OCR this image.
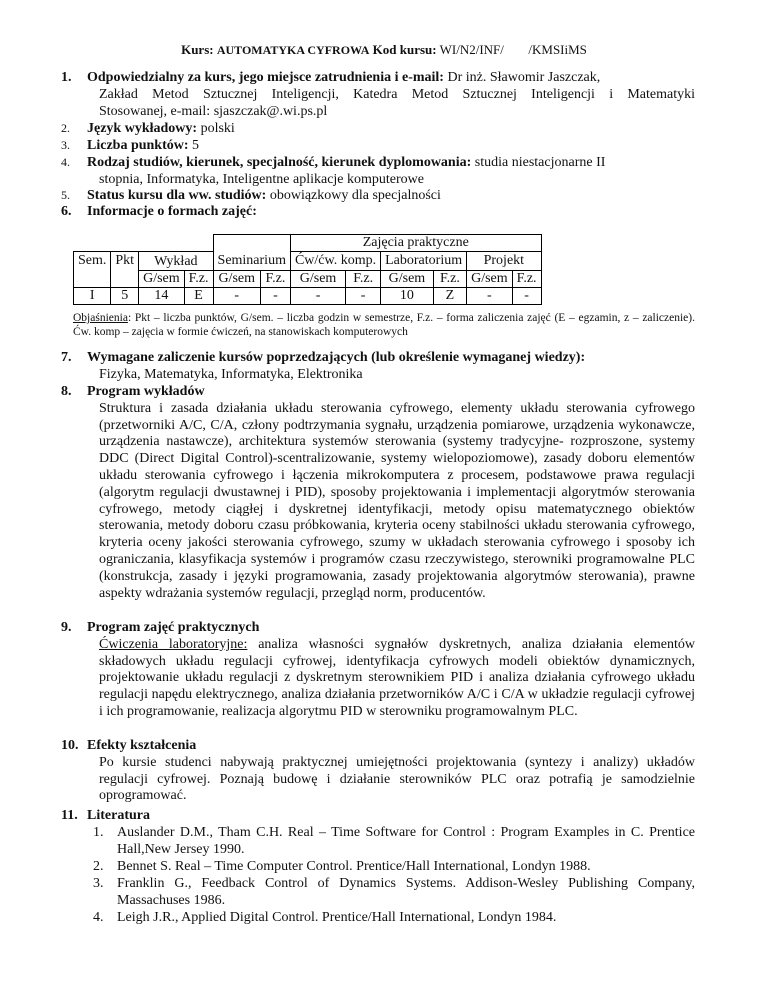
Kurs: AUTOMATYKA CYFROWA Kod kursu: WI/N2/INF/ /KMSIiMS
1. Odpowiedzialny za kurs, jego miejsce zatrudnienia i e-mail: Dr inż. Sławomir Jaszczak,
Zakład Metod Sztucznej Inteligencji, Katedra Metod Sztucznej Inteligencji i Matematyki
Stosowanej, e-mail: sjaszczak@.wi.ps.pl
2. Język wykładowy: polski
3. Liczba punktów: 5
4. Rodzaj studiów, kierunek, specjalność, kierunek dyplomowania: studia niestacjonarne II
stopnia, Informatyka, Inteligentne aplikacje komputerowe
5. Status kursu dla ww. studiów: obowiązkowy dla specjalności
6. Informacje o formach zajęć:
						Zajęcia praktyczne					
Sem.	Pkt	Wykład		Seminarium		Ćw/ćw. komp.		Laboratorium		Projekt	
		G/sem	F.z.	G/sem	F.z.	G/sem	F.z.	G/sem	F.z.	G/sem	F.z.
I	5	14	E	-	-	-	-	10	Z	-	-
Objaśnienia: Pkt – liczba punktów, G/sem. – liczba godzin w semestrze, F.z. – forma zaliczenia zajęć (E – egzamin, z – zaliczenie). Ćw. komp – zajęcia w formie ćwiczeń, na stanowiskach komputerowych
7. Wymagane zaliczenie kursów poprzedzających (lub określenie wymaganej wiedzy):
Fizyka, Matematyka, Informatyka, Elektronika
8. Program wykładów
Struktura i zasada działania układu sterowania cyfrowego, elementy układu sterowania cyfrowego (przetworniki A/C, C/A, człony podtrzymania sygnału, urządzenia pomiarowe, urządzenia wykonawcze, urządzenia nastawcze), architektura systemów sterowania (systemy tradycyjne- rozproszone, systemy DDC (Direct Digital Control)-scentralizowanie, systemy wielopoziomowe), zasady doboru elementów układu sterowania cyfrowego i łączenia mikrokomputera z procesem, podstawowe prawa regulacji (algorytm regulacji dwustawnej i PID), sposoby projektowania i implementacji algorytmów sterowania cyfrowego, metody ciągłej i dyskretnej identyfikacji, metody opisu matematycznego obiektów sterowania, metody doboru czasu próbkowania, kryteria oceny stabilności układu sterowania cyfrowego, kryteria oceny jakości sterowania cyfrowego, szumy w układach sterowania cyfrowego i sposoby ich ograniczania, klasyfikacja systemów i programów czasu rzeczywistego, sterowniki programowalne PLC (konstrukcja, zasady i języki programowania, zasady projektowania algorytmów sterowania), prawne aspekty wdrażania systemów regulacji, przegląd norm, producentów.
9. Program zajęć praktycznych
Ćwiczenia laboratoryjne: analiza własności sygnałów dyskretnych, analiza działania elementów składowych układu regulacji cyfrowej, identyfikacja cyfrowych modeli obiektów dynamicznych, projektowanie układu regulacji z dyskretnym sterownikiem PID i analiza działania cyfrowego układu regulacji napędu elektrycznego, analiza działania przetworników A/C i C/A w układzie regulacji cyfrowej i ich programowanie, realizacja algorytmu PID w sterowniku programowalnym PLC.
10. Efekty kształcenia
Po kursie studenci nabywają praktycznej umiejętności projektowania (syntezy i analizy) układów regulacji cyfrowej. Poznają budowę i działanie sterowników PLC oraz potrafią je samodzielnie oprogramować.
11. Literatura
1. Auslander D.M., Tham C.H. Real – Time Software for Control : Program Examples in C. Prentice Hall,New Jersey 1990.
2. Bennet S. Real – Time Computer Control. Prentice/Hall International, Londyn 1988.
3. Franklin G., Feedback Control of Dynamics Systems. Addison-Wesley Publishing Company, Massachuses 1986.
4. Leigh J.R., Applied Digital Control. Prentice/Hall International, Londyn 1984.
